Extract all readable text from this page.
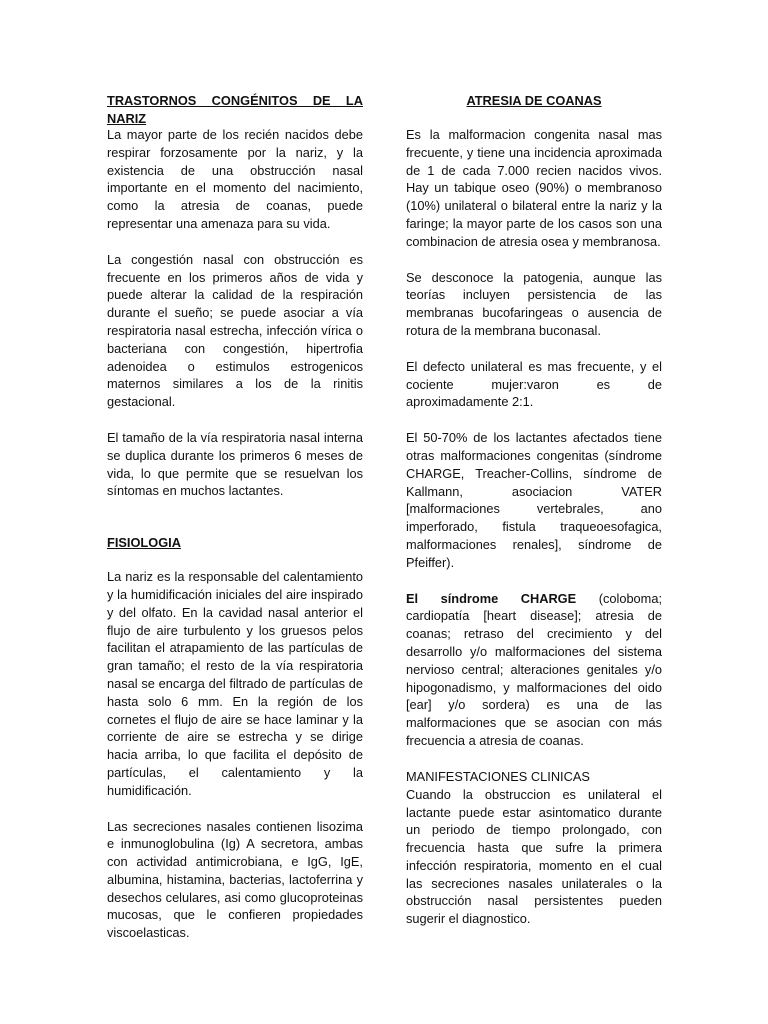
TRASTORNOS CONGÉNITOS DE LA NARIZ

La mayor parte de los recién nacidos debe respirar forzosamente por la nariz, y la existencia de una obstrucción nasal importante en el momento del nacimiento, como la atresia de coanas, puede representar una amenaza para su vida.

La congestión nasal con obstrucción es frecuente en los primeros años de vida y puede alterar la calidad de la respiración durante el sueño; se puede asociar a vía respiratoria nasal estrecha, infección vírica o bacteriana con congestión, hipertrofia adenoidea o estimulos estrogenicos maternos similares a los de la rinitis gestacional.

El tamaño de la vía respiratoria nasal interna se duplica durante los primeros 6 meses de vida, lo que permite que se resuelvan los síntomas en muchos lactantes.

FISIOLOGIA

La nariz es la responsable del calentamiento y la humidificación iniciales del aire inspirado y del olfato. En la cavidad nasal anterior el flujo de aire turbulento y los gruesos pelos facilitan el atrapamiento de las partículas de gran tamaño; el resto de la vía respiratoria nasal se encarga del filtrado de partículas de hasta solo 6 mm. En la región de los cornetes el flujo de aire se hace laminar y la corriente de aire se estrecha y se dirige hacia arriba, lo que facilita el depósito de partículas, el calentamiento y la humidificación.

Las secreciones nasales contienen lisozima e inmunoglobulina (Ig) A secretora, ambas con actividad antimicrobiana, e IgG, IgE, albumina, histamina, bacterias, lactoferrina y desechos celulares, asi como glucoproteinas mucosas, que le confieren propiedades viscoelasticas.

ATRESIA DE COANAS

Es la malformacion congenita nasal mas frecuente, y tiene una incidencia aproximada de 1 de cada 7.000 recien nacidos vivos. Hay un tabique oseo (90%) o membranoso (10%) unilateral o bilateral entre la nariz y la faringe; la mayor parte de los casos son una combinacion de atresia osea y membranosa.

Se desconoce la patogenia, aunque las teorías incluyen persistencia de las membranas bucofaringeas o ausencia de rotura de la membrana buconasal.

El defecto unilateral es mas frecuente, y el cociente mujer:varon es de aproximadamente 2:1.

El 50-70% de los lactantes afectados tiene otras malformaciones congenitas (síndrome CHARGE, Treacher-Collins, síndrome de Kallmann, asociacion VATER [malformaciones vertebrales, ano imperforado, fistula traqueoesofagica, malformaciones renales], síndrome de Pfeiffer).

El síndrome CHARGE (coloboma; cardiopatía [heart disease]; atresia de coanas; retraso del crecimiento y del desarrollo y/o malformaciones del sistema nervioso central; alteraciones genitales y/o hipogonadismo, y malformaciones del oido [ear] y/o sordera) es una de las malformaciones que se asocian con más frecuencia a atresia de coanas.

MANIFESTACIONES CLINICAS

Cuando la obstruccion es unilateral el lactante puede estar asintomatico durante un periodo de tiempo prolongado, con frecuencia hasta que sufre la primera infección respiratoria, momento en el cual las secreciones nasales unilaterales o la obstrucción nasal persistentes pueden sugerir el diagnostico.
